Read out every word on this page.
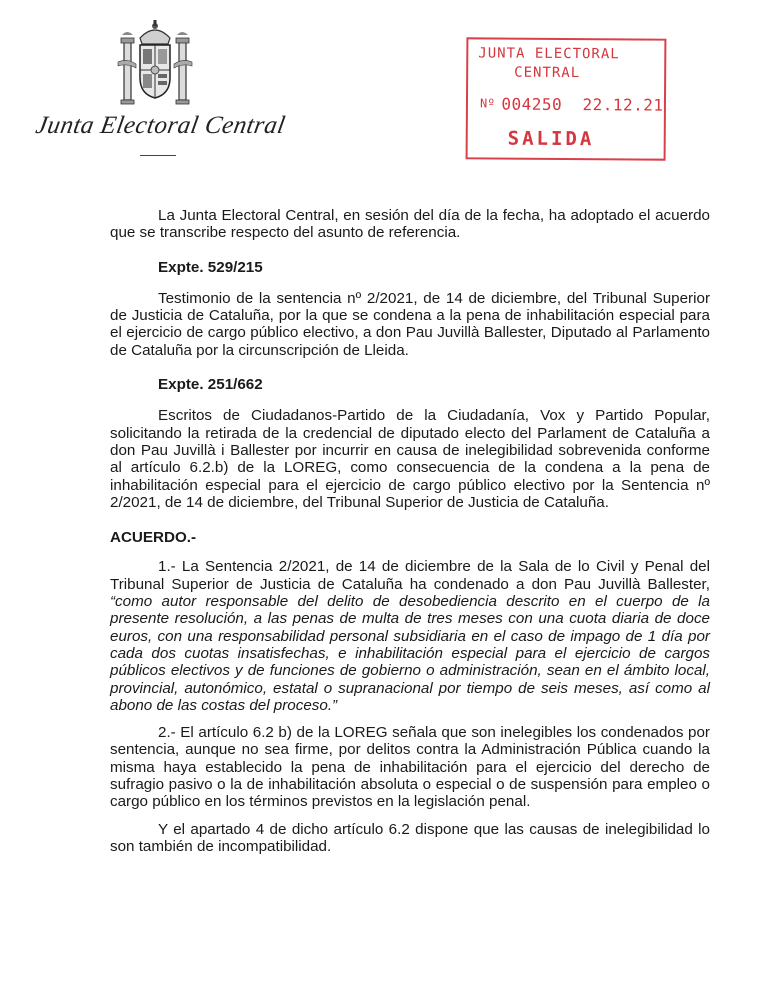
Junta Electoral Central
JUNTA ELECTORAL
CENTRAL
Nº 004250 22.12.21
SALIDA

La Junta Electoral Central, en sesión del día de la fecha, ha adoptado el acuerdo que se transcribe respecto del asunto de referencia.

Expte. 529/215

Testimonio de la sentencia nº 2/2021, de 14 de diciembre, del Tribunal Superior de Justicia de Cataluña, por la que se condena a la pena de inhabilitación especial para el ejercicio de cargo público electivo, a don Pau Juvillà Ballester, Diputado al Parlamento de Cataluña por la circunscripción de Lleida.

Expte. 251/662

Escritos de Ciudadanos-Partido de la Ciudadanía, Vox y Partido Popular, solicitando la retirada de la credencial de diputado electo del Parlament de Cataluña a don Pau Juvillà i Ballester por incurrir en causa de inelegibilidad sobrevenida conforme al artículo 6.2.b) de la LOREG, como consecuencia de la condena a la pena de inhabilitación especial para el ejercicio de cargo público electivo por la Sentencia nº 2/2021, de 14 de diciembre, del Tribunal Superior de Justicia de Cataluña.

ACUERDO.-

1.- La Sentencia 2/2021, de 14 de diciembre de la Sala de lo Civil y Penal del Tribunal Superior de Justicia de Cataluña ha condenado a don Pau Juvillà Ballester, “como autor responsable del delito de desobediencia descrito en el cuerpo de la presente resolución, a las penas de multa de tres meses con una cuota diaria de doce euros, con una responsabilidad personal subsidiaria en el caso de impago de 1 día por cada dos cuotas insatisfechas, e inhabilitación especial para el ejercicio de cargos públicos electivos y de funciones de gobierno o administración, sean en el ámbito local, provincial, autonómico, estatal o supranacional por tiempo de seis meses, así como al abono de las costas del proceso.”

2.- El artículo 6.2 b) de la LOREG señala que son inelegibles los condenados por sentencia, aunque no sea firme, por delitos contra la Administración Pública cuando la misma haya establecido la pena de inhabilitación para el ejercicio del derecho de sufragio pasivo o la de inhabilitación absoluta o especial o de suspensión para empleo o cargo público en los términos previstos en la legislación penal.

Y el apartado 4 de dicho artículo 6.2 dispone que las causas de inelegibilidad lo son también de incompatibilidad.
